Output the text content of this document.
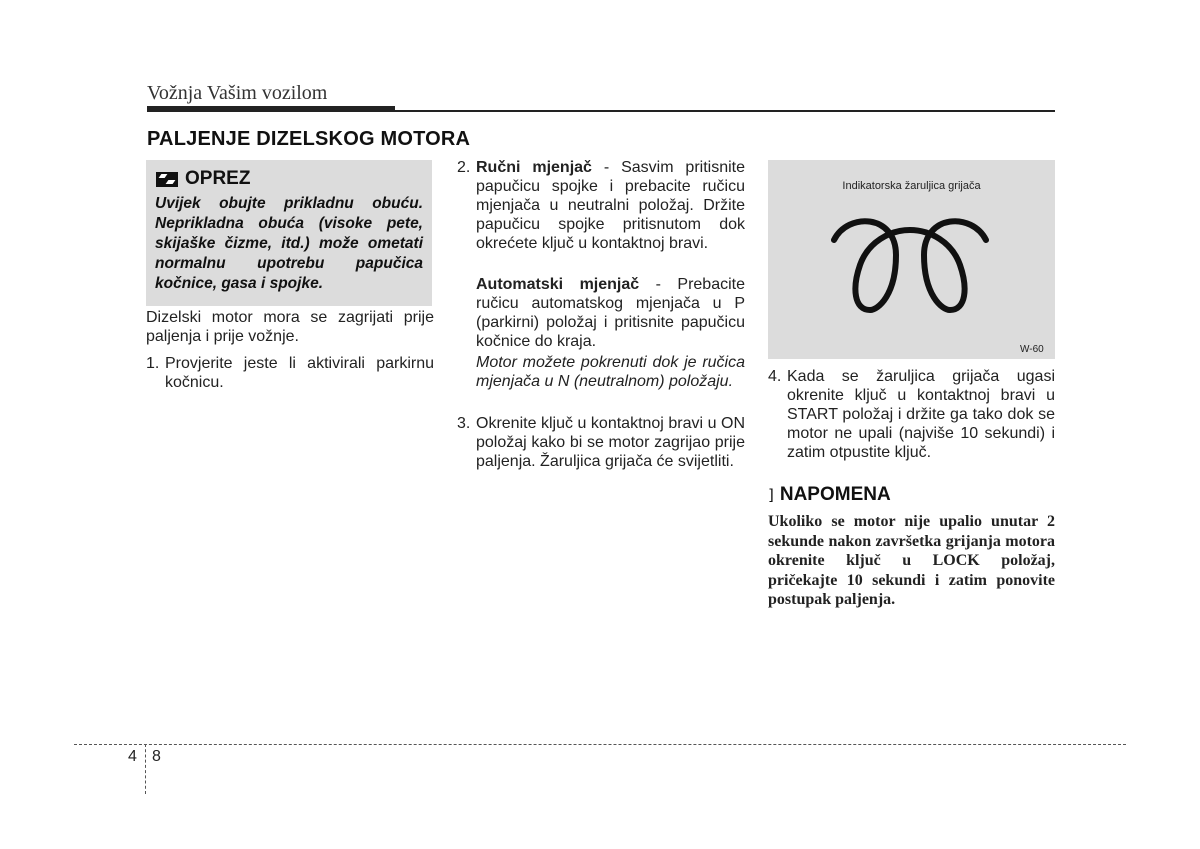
Vožnja Vašim vozilom
PALJENJE DIZELSKOG MOTORA
OPREZ
Uvijek obujte prikladnu obuću. Neprikladna obuća (visoke pete, skijaške čizme, itd.) može ometati normalnu upotrebu papučica kočnice, gasa i spojke.
Dizelski motor mora se zagrijati prije paljenja i prije vožnje.
1. Provjerite jeste li aktivirali parkirnu kočnicu.
2. Ručni mjenjač - Sasvim pritisnite papučicu spojke i prebacite ručicu mjenjača u neutralni položaj. Držite papučicu spojke pritisnutom dok okrećete ključ u kontaktnoj bravi.
Automatski mjenjač - Prebacite ručicu automatskog mjenjača u P (parkirni) položaj i pritisnite papučicu kočnice do kraja.
Motor možete pokrenuti dok je ručica mjenjača u N (neutralnom) položaju.
3. Okrenite ključ u kontaktnoj bravi u ON položaj kako bi se motor zagrijao prije paljenja. Žaruljica grijača će svijetliti.
Indikatorska žaruljica grijača
W-60
4. Kada se žaruljica grijača ugasi okrenite ključ u kontaktnoj bravi u START položaj i držite ga tako dok se motor ne upali (najviše 10 sekundi) i zatim otpustite ključ.
] NAPOMENA
Ukoliko se motor nije upalio unutar 2 sekunde nakon završetka grijanja motora okrenite ključ u LOCK položaj, pričekajte 10 sekundi i zatim ponovite postupak paljenja.
4 8
